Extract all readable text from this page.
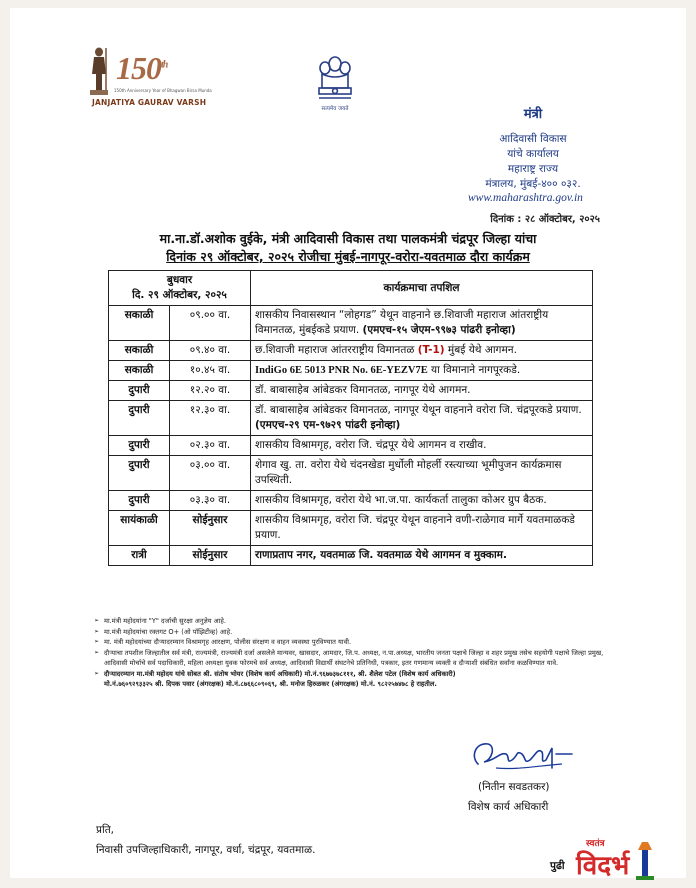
150th
150th Anniversary Year of Bhagwan Birsa Munda
JANJATIYA GAURAV VARSH
सत्यमेव जयते	मंत्री
आदिवासी विकास
यांचे कार्यालय
महाराष्ट्र राज्य
मंत्रालय, मुंबई-४०० ०३२.
www.maharashtra.gov.in
दिनांक : २८ ऑक्टोबर, २०२५
मा.ना.डॉ.अशोक वुईके, मंत्री आदिवासी विकास तथा पालकमंत्री चंद्रपूर जिल्हा यांचा
दिनांक २९ ऑक्टोबर, २०२५ रोजीचा मुंबई-नागपूर-वरोरा-यवतमाळ दौरा कार्यक्रम
बुधवार
दि. २९ ऑक्टोबर, २०२५		कार्यक्रमाचा तपशिल
सकाळी	०९.०० वा.	शासकीय निवासस्थान “लोहगड” येथून वाहनाने छ.शिवाजी महाराज आंतराष्ट्रीय विमानतळ, मुंबईकडे प्रयाण. (एमएच-१५ जेएम-९९७३ पांढरी इनोव्हा)
सकाळी	०९.४० वा.	छ.शिवाजी महाराज आंतरराष्ट्रीय विमानतळ (T-1) मुंबई येथे आगमन.
सकाळी	१०.४५ वा.	IndiGo 6E 5013 PNR No. 6E-YEZV7E या विमानाने नागपूरकडे.
दुपारी	१२.२० वा.	डॉ. बाबासाहेब आंबेडकर विमानतळ, नागपूर येथे आगमन.
दुपारी	१२.३० वा.	डॉ. बाबासाहेब आंबेडकर विमानतळ, नागपूर येथून वाहनाने वरोरा जि. चंद्रपूरकडे प्रयाण. (एमएच-२९ एम-९७२९ पांढरी इनोव्हा)
दुपारी	०२.३० वा.	शासकीय विश्रामगृह, वरोरा जि. चंद्रपूर येथे आगमन व राखीव.
दुपारी	०३.०० वा.	शेगाव खु. ता. वरोरा येथे चंदनखेडा मुर्धोली मोहर्ली रस्त्याच्या भूमीपुजन कार्यक्रमास उपस्थिती.
दुपारी	०३.३० वा.	शासकीय विश्रामगृह, वरोरा येथे भा.ज.पा. कार्यकर्ता तालुका कोअर ग्रुप बैठक.
सायंकाळी	सोईनुसार	शासकीय विश्रामगृह, वरोरा जि. चंद्रपूर येथून वाहनाने वणी-राळेगाव मार्गे यवतमाळकडे प्रयाण.
रात्री	सोईनुसार	राणाप्रताप नगर, यवतमाळ जि. यवतमाळ येथे आगमन व मुक्काम.
➢ मा.मंत्री महोदयांना "Y" दर्जाची सुरक्षा अनुज्ञेय आहे.
➢ मा.मंत्री महोदयांचा रक्तगट O+ (ओ पॉझिटीव्ह) आहे.
➢ मा. मंत्री महोदयांच्या दौऱ्यादरम्यान विश्रामगृह आरक्षण, पोलीस संरक्षण व वाहन व्यवस्था पुरविण्यात यावी.
➢ दौऱ्याचा तपशील जिल्हातील सर्व मंत्री, राज्यमंत्री, राज्यमंत्री दर्जा असलेले मान्यवर, खासदार, आमदार, जि.प. अध्यक्ष, न.पा.अध्यक्ष, भारतीय जनता पक्षाचे जिल्हा व शहर प्रमुख तसेच सहयोगी पक्षाचे जिल्हा प्रमुख, आदिवासी मोर्चाचे सर्व पदाधिकारी, महिला अध्यक्षा युवक फोरमचे सर्व अध्यक्ष, आदिवासी विद्यार्थी संघटनेचे प्रतिनिधी, पत्रकार, इतर गणमान्य व्यक्ती व दौऱ्याशी संबंधित सर्वांना कळविण्यात यावे.
➢ दौऱ्यादरम्यान मा.मंत्री महोदय यांचे सोबत श्री. संतोष भोयर (विशेष कार्य अधिकारी) मो.नं.९६७७३७८१११, श्री. शैलेश पटेल (विशेष कार्य अधिकारी)
मो.नं.७६०९२९३३२५ श्री. दिपक पवार (अंगरक्षक) मो.नं.८७६६८०९०६९, श्री. मनोज हिरुळकर (अंगरक्षक) मो.नं. ९८२२५७४७८ हे राहतील.
(नितीन सवडतकर)
विशेष कार्य अधिकारी
प्रति,
निवासी उपजिल्हाधिकारी, नागपूर, वर्धा, चंद्रपूर, यवतमाळ.
पुढी
स्वतंत्र
विदर्भ
